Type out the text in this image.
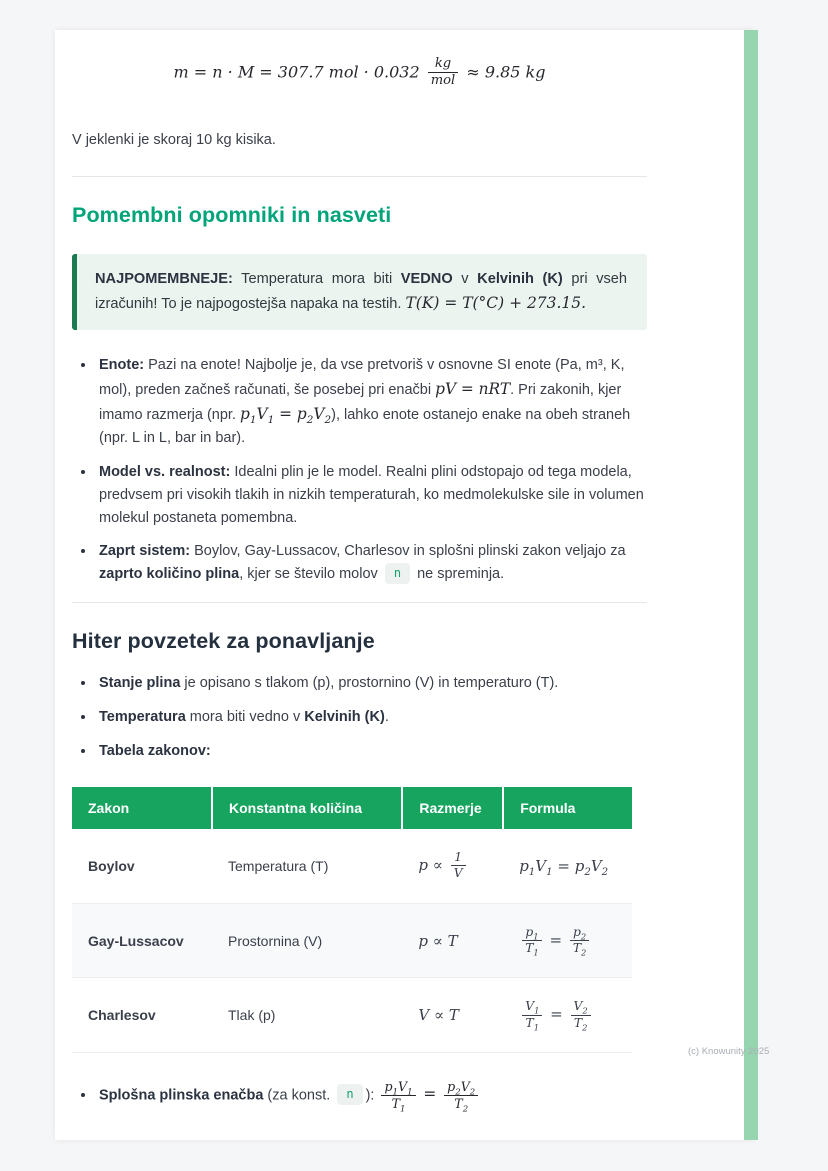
m = n · M = 307.7 mol · $0.032 \frac{kg}{\text{mol}} \approx 9.85$ kg

V jeklenki je skoraj 10 kg kisika.

Pomembni opomniki in nasveti

NAJPOMEMBNEJE: Temperatura mora biti VEDNO v Kelvinih (K) pri vseh izračunih! To je najpogostejša napaka na testih. T(K) = T(°C) + 273.15.

• Enote: Pazi na enote! Najbolje je, da vse pretvoriš v osnovne SI enote (Pa, m³, K, mol), preden začneš računati, še posebej pri enačbi pV = nRT. Pri zakonih, kjer imamo razmerja (npr. $p_1V_1 = p_2V_2$), lahko enote ostanejo enake na obeh straneh (npr. L in L, bar in bar).
• Model vs. realnost: Idealni plin je le model. Realni plini odstopajo od tega modela, predvsem pri visokih tlakih in nizkih temperaturah, ko medmolekulske sile in volumen molekul postaneta pomembna.
• Zaprt sistem: Boylov, Gay-Lussacov, Charlesov in splošni plinski zakon veljajo za zaprto količino plina, kjer se število molov n ne spreminja.
Hiter povzetek za ponavljanje
• Stanje plina je opisano s tlakom (p), prostornino (V) in temperaturo (T).
• Temperatura mora biti vedno v Kelvinih (K).
• Tabela zakonov:
Zakon	Konstantna količina	Razmerje	Formula
Boylov	Temperatura (T)	$p \propto \frac{1}{V}$	$p_1V_1 = p_2V_2$
Gay-Lussacov	Prostornina (V)	p ∝ T	$\frac{p_1}{T_1} = \frac{p_2}{T_2}$

Charlesov	Tlak (p)	V ∝ T	$\frac{V_1}{T_1} = \frac{V_2}{T_2}$
• Splošna plinska enačba (za konst. n ): $\frac{p_1V_1}{T_1} = \frac{p_2V_2}{T_2}$
(c) Knowunity 2025
